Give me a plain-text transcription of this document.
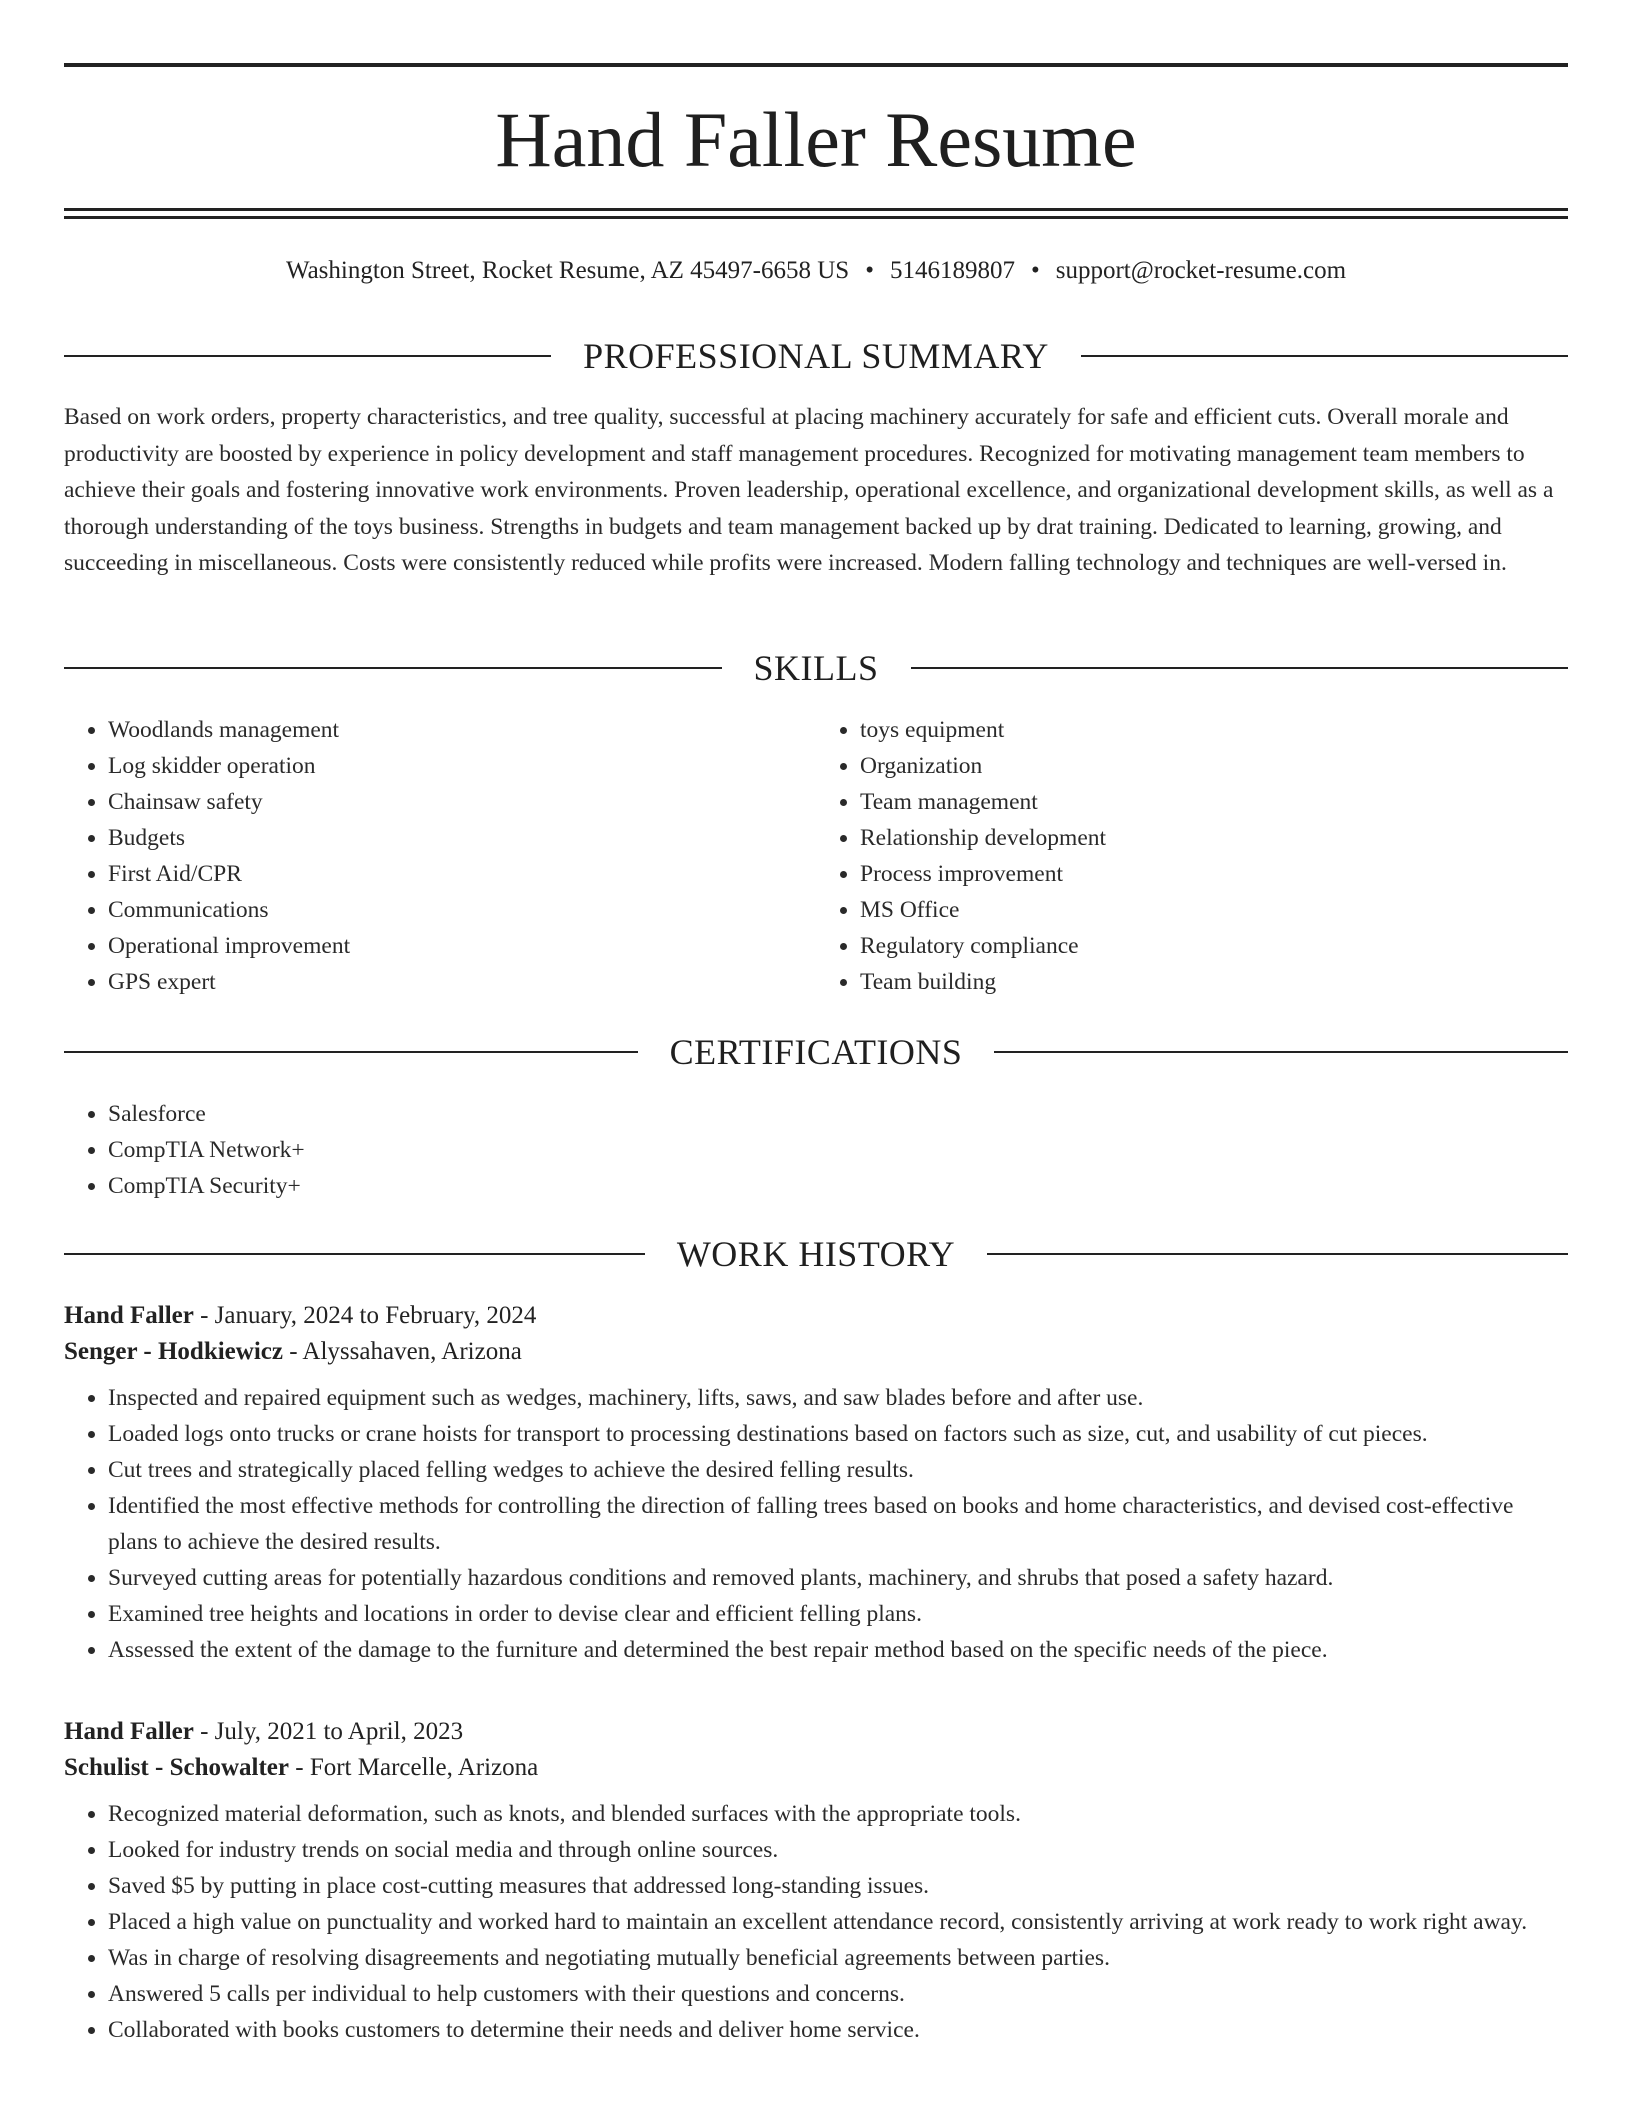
Hand Faller Resume
Washington Street, Rocket Resume, AZ 45497-6658 US • 5146189807 • support@rocket-resume.com
PROFESSIONAL SUMMARY

Based on work orders, property characteristics, and tree quality, successful at placing machinery accurately for safe and efficient cuts. Overall morale and productivity are boosted by experience in policy development and staff management procedures. Recognized for motivating management team members to achieve their goals and fostering innovative work environments. Proven leadership, operational excellence, and organizational development skills, as well as a thorough understanding of the toys business. Strengths in budgets and team management backed up by drat training. Dedicated to learning, growing, and succeeding in miscellaneous. Costs were consistently reduced while profits were increased. Modern falling technology and techniques are well-versed in.

SKILLS
• Woodlands management
• Log skidder operation
• Chainsaw safety
• Budgets
• First Aid/CPR
• Communications
• Operational improvement
• GPS expert
• toys equipment
• Organization
• Team management
• Relationship development
• Process improvement
• MS Office
• Regulatory compliance
• Team building
CERTIFICATIONS
• Salesforce
• CompTIA Network+
• CompTIA Security+
WORK HISTORY
Hand Faller - January, 2024 to February, 2024
Senger - Hodkiewicz - Alyssahaven, Arizona
• Inspected and repaired equipment such as wedges, machinery, lifts, saws, and saw blades before and after use.
• Loaded logs onto trucks or crane hoists for transport to processing destinations based on factors such as size, cut, and usability of cut pieces.
• Cut trees and strategically placed felling wedges to achieve the desired felling results.
• Identified the most effective methods for controlling the direction of falling trees based on books and home characteristics, and devised cost-effective plans to achieve the desired results.
• Surveyed cutting areas for potentially hazardous conditions and removed plants, machinery, and shrubs that posed a safety hazard.
• Examined tree heights and locations in order to devise clear and efficient felling plans.
• Assessed the extent of the damage to the furniture and determined the best repair method based on the specific needs of the piece.
Hand Faller - July, 2021 to April, 2023
Schulist - Schowalter - Fort Marcelle, Arizona
• Recognized material deformation, such as knots, and blended surfaces with the appropriate tools.
• Looked for industry trends on social media and through online sources.
• Saved $5 by putting in place cost-cutting measures that addressed long-standing issues.
• Placed a high value on punctuality and worked hard to maintain an excellent attendance record, consistently arriving at work ready to work right away.
• Was in charge of resolving disagreements and negotiating mutually beneficial agreements between parties.
• Answered 5 calls per individual to help customers with their questions and concerns.
• Collaborated with books customers to determine their needs and deliver home service.
